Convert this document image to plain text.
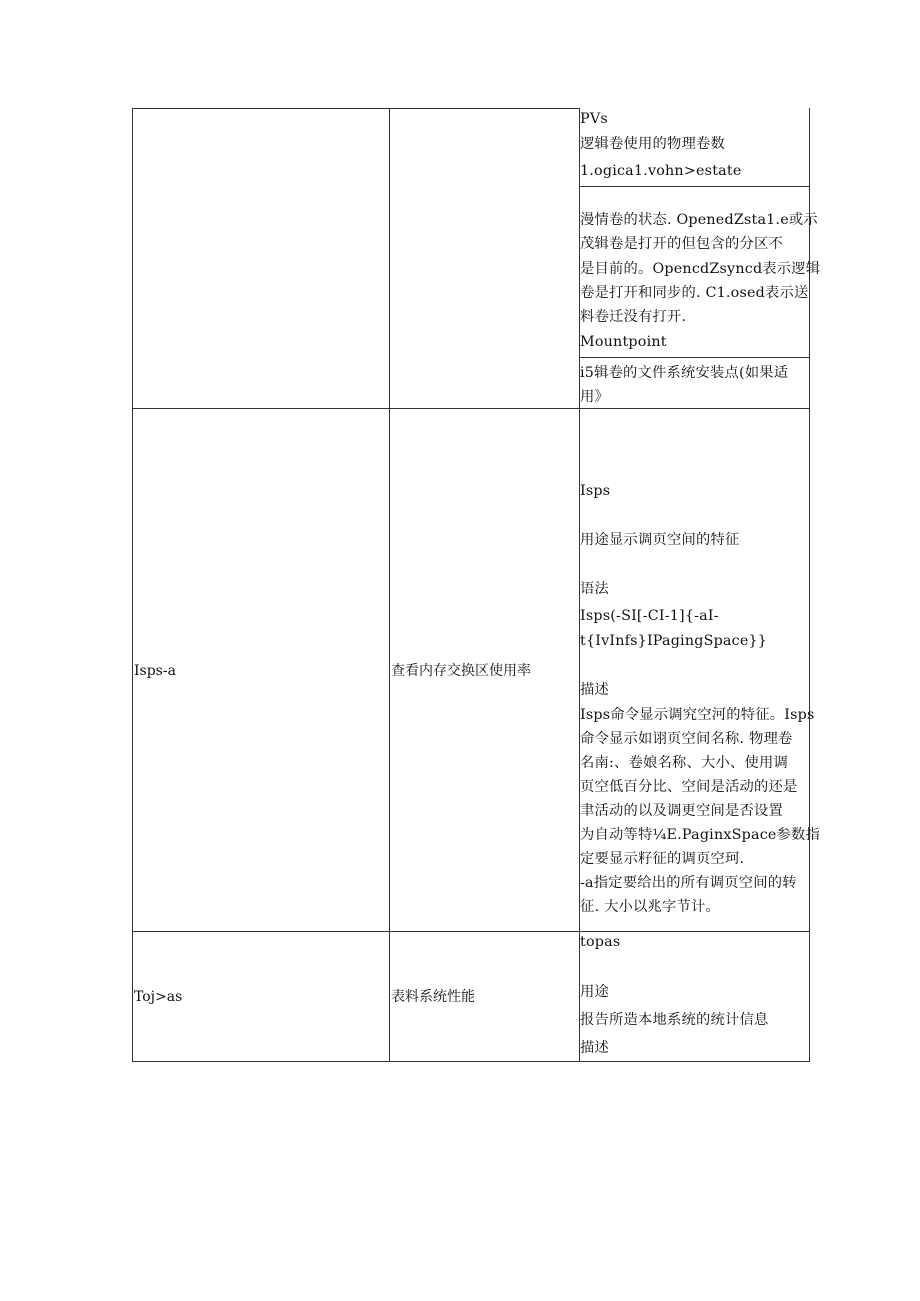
PVs
逻辑卷使用的物理卷数
1.ogica1.vohn>estate
漫情卷的状态. OpenedZsta1.e或示
茂辑卷是打开的但包含的分区不
是目前的。OpencdZsyncd表示逻辑
卷是打开和同步的. C1.osed表示送
料卷迁没有打开.
Mountpoint
i5辑卷的文件系统安装点(如果适
用》
Isps-a	查看内存交换区使用率
Isps
用途显示调页空间的特征
语法
Isps(-SI[-CI-1]{-aI-
t{IvInfs}IPagingSpace}}
描述
Isps命令显示调究空河的特征。Isps
命令显示如诩页空间名称. 物理卷
名南:、卷娘名称、大小、使用调
页空低百分比、空间是活动的还是
聿活动的以及调更空间是否设置
为自动等特¼E.PaginxSpace参数指
定要显示籽征的调页空珂.
-a指定要给出的所有调页空间的转
征. 大小以兆字节计。
Toj>as	表料系统性能
topas
用途
报告所造本地系统的统计信息
描述
